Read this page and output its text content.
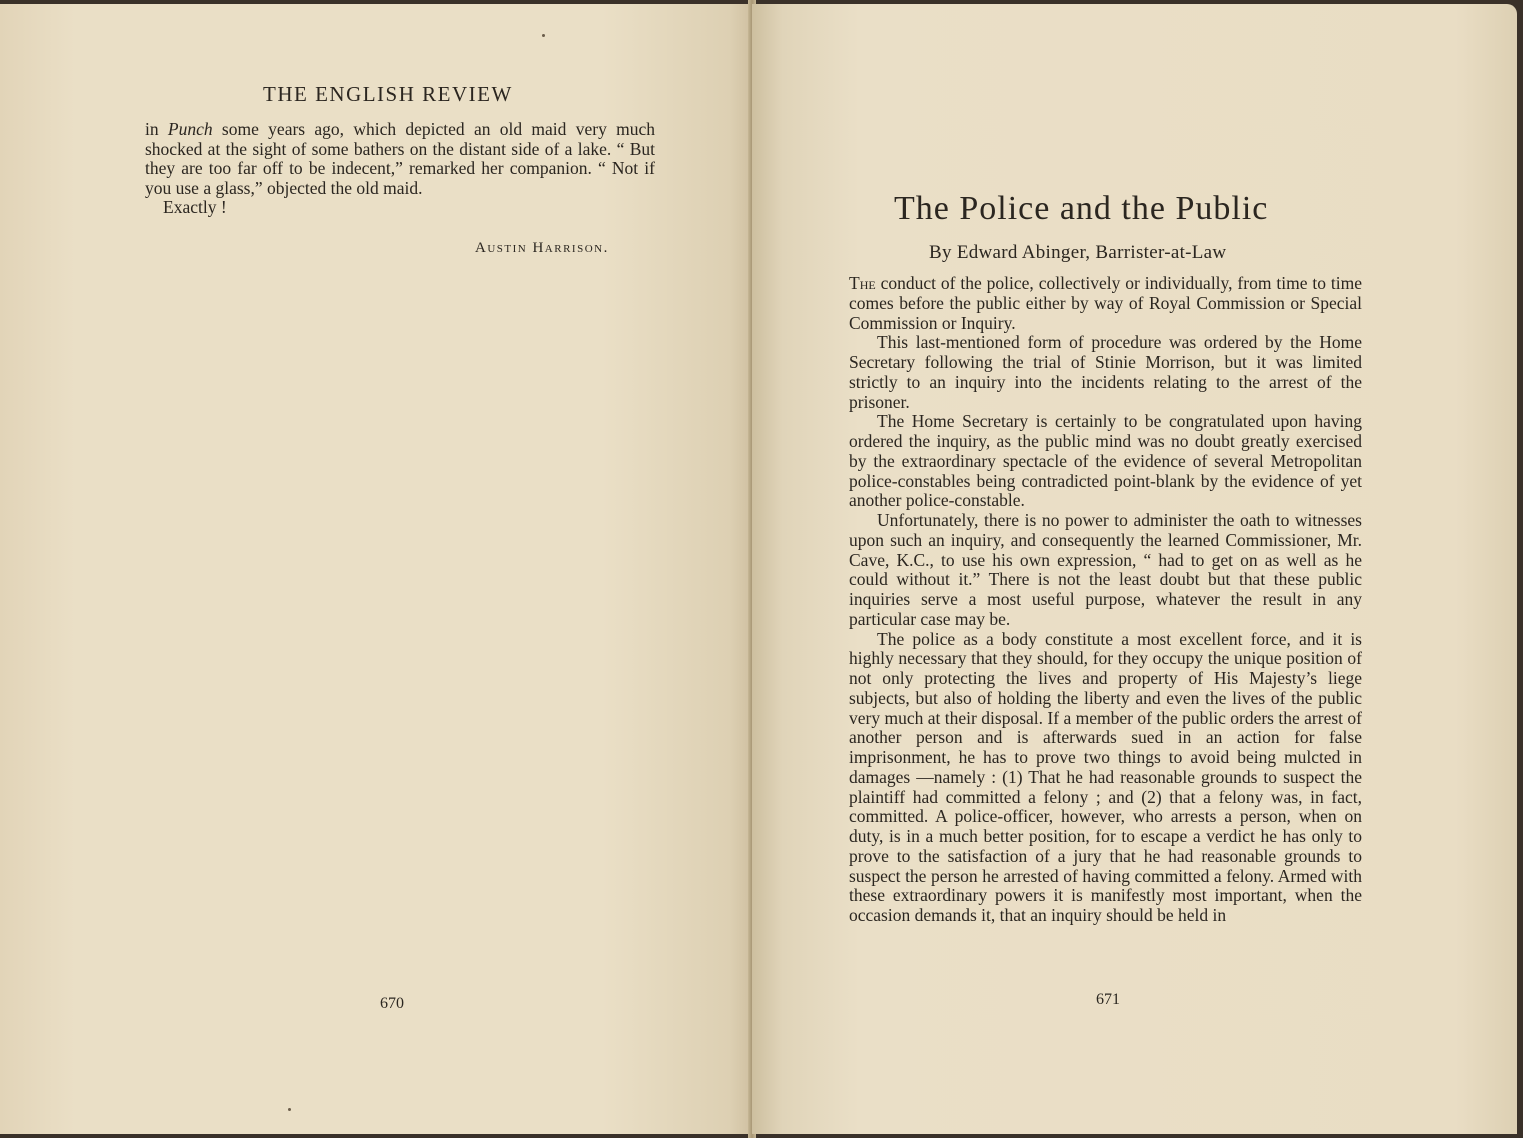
THE ENGLISH REVIEW

in Punch some years ago, which depicted an old maid very much shocked at the sight of some bathers on the distant side of a lake. “ But they are too far off to be indecent,” remarked her companion. “ Not if you use a glass,” objected the old maid.

Exactly !

Austin Harrison.
670
The Police and the Public
By Edward Abinger, Barrister-at-Law

The conduct of the police, collectively or individually, from time to time comes before the public either by way of Royal Commission or Special Commission or Inquiry.

This last-mentioned form of procedure was ordered by the Home Secretary following the trial of Stinie Morrison, but it was limited strictly to an inquiry into the incidents relating to the arrest of the prisoner.

The Home Secretary is certainly to be congratulated upon having ordered the inquiry, as the public mind was no doubt greatly exercised by the extraordinary spectacle of the evidence of several Metropolitan police-constables being contradicted point-blank by the evidence of yet another police-constable.

Unfortunately, there is no power to administer the oath to witnesses upon such an inquiry, and consequently the learned Commissioner, Mr. Cave, K.C., to use his own expression, “ had to get on as well as he could without it.” There is not the least doubt but that these public inquiries serve a most useful purpose, whatever the result in any particular case may be.

The police as a body constitute a most excellent force, and it is highly necessary that they should, for they occupy the unique position of not only protecting the lives and property of His Majesty’s liege subjects, but also of holding the liberty and even the lives of the public very much at their disposal. If a member of the public orders the arrest of another person and is afterwards sued in an action for false imprisonment, he has to prove two things to avoid being mulcted in damages —namely : (1) That he had reasonable grounds to suspect the plaintiff had committed a felony ; and (2) that a felony was, in fact, committed. A police-officer, however, who arrests a person, when on duty, is in a much better position, for to escape a verdict he has only to prove to the satisfaction of a jury that he had reasonable grounds to suspect the person he arrested of having committed a felony. Armed with these extraordinary powers it is manifestly most important, when the occasion demands it, that an inquiry should be held in

671
